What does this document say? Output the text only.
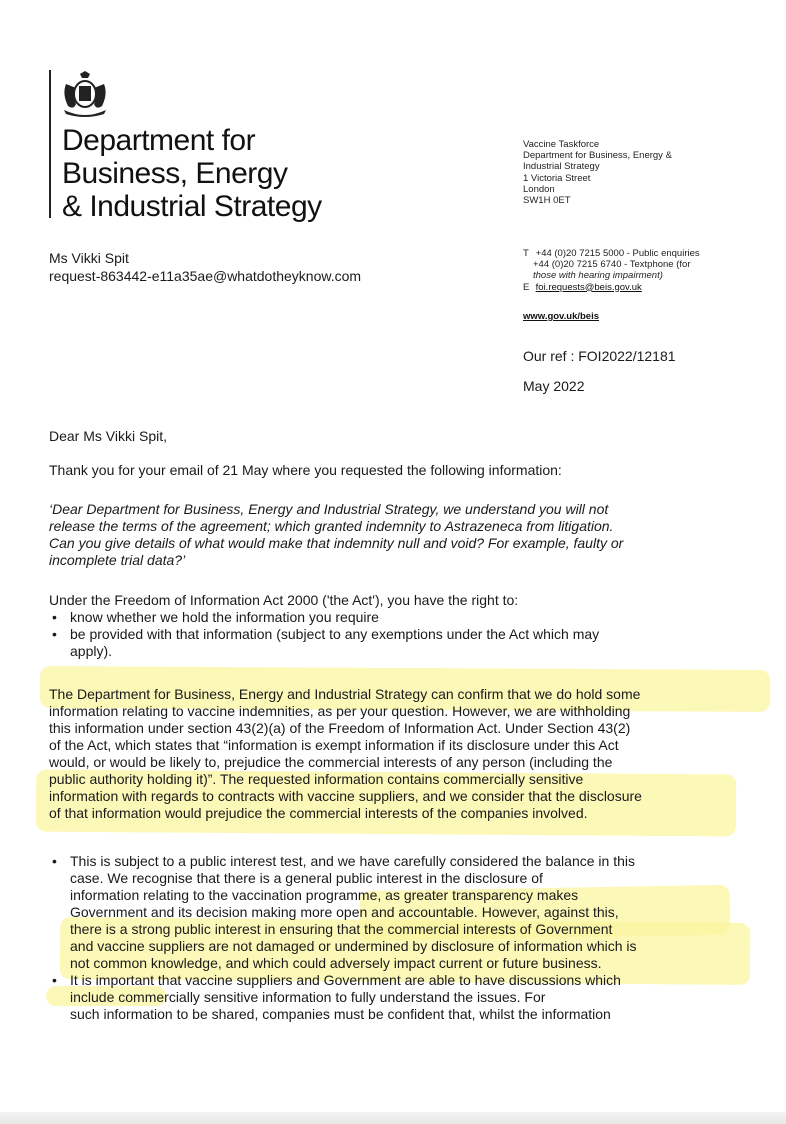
Department for
Business, Energy
& Industrial Strategy
Vaccine Taskforce
Department for Business, Energy &
Industrial Strategy
1 Victoria Street
London
SW1H 0ET
Ms Vikki Spit
request-863442-e11a35ae@whatdotheyknow.com
T +44 (0)20 7215 5000 - Public enquiries
+44 (0)20 7215 6740 - Textphone (for
those with hearing impairment)
E foi.requests@beis.gov.uk
www.gov.uk/beis
Our ref : FOI2022/12181
May 2022
Dear Ms Vikki Spit,
Thank you for your email of 21 May where you requested the following information:
‘Dear Department for Business, Energy and Industrial Strategy, we understand you will not
release the terms of the agreement; which granted indemnity to Astrazeneca from litigation.
Can you give details of what would make that indemnity null and void? For example, faulty or
incomplete trial data?’
Under the Freedom of Information Act 2000 ('the Act'), you have the right to:
• know whether we hold the information you require
• be provided with that information (subject to any exemptions under the Act which may
apply).
The Department for Business, Energy and Industrial Strategy can confirm that we do hold some
information relating to vaccine indemnities, as per your question. However, we are withholding
this information under section 43(2)(a) of the Freedom of Information Act. Under Section 43(2)
of the Act, which states that “information is exempt information if its disclosure under this Act
would, or would be likely to, prejudice the commercial interests of any person (including the
public authority holding it)”. The requested information contains commercially sensitive
information with regards to contracts with vaccine suppliers, and we consider that the disclosure
of that information would prejudice the commercial interests of the companies involved.
• This is subject to a public interest test, and we have carefully considered the balance in this
case. We recognise that there is a general public interest in the disclosure of
information relating to the vaccination programme, as greater transparency makes
Government and its decision making more open and accountable. However, against this,
there is a strong public interest in ensuring that the commercial interests of Government
and vaccine suppliers are not damaged or undermined by disclosure of information which is
not common knowledge, and which could adversely impact current or future business.
• It is important that vaccine suppliers and Government are able to have discussions which
include commercially sensitive information to fully understand the issues. For
such information to be shared, companies must be confident that, whilst the information
